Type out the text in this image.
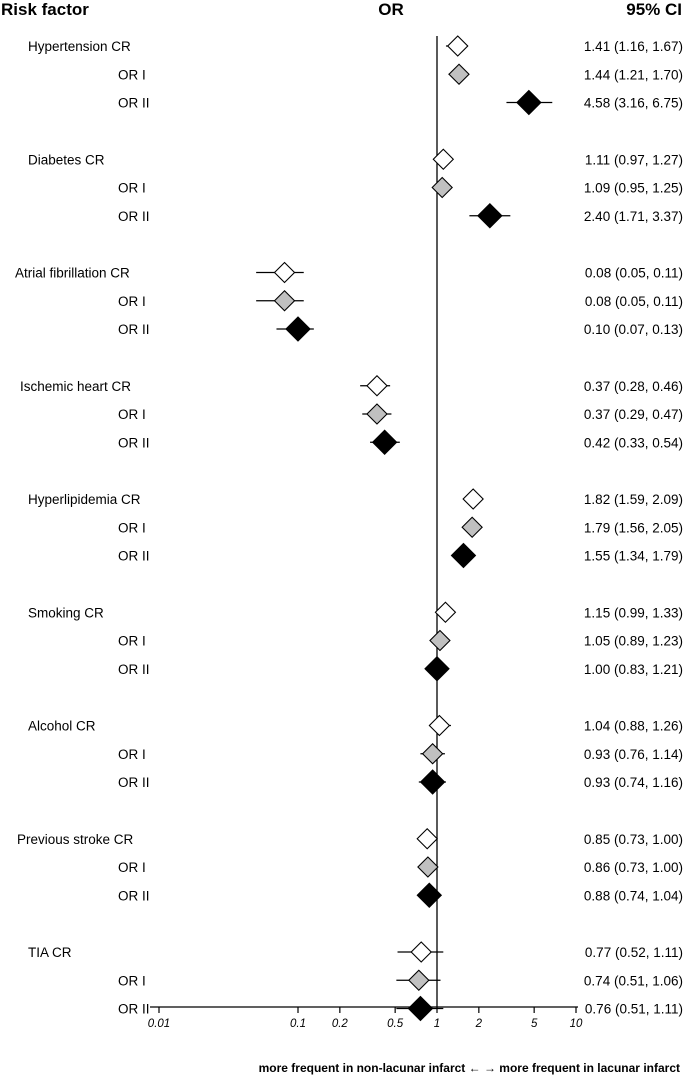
Risk factor	OR	95% CI
0.01	0.1 0.2	0.5	1	2	5	10
Hypertension CR	1.41 (1.16, 1.67)
OR I	1.44 (1.21, 1.70)
OR II	4.58 (3.16, 6.75)
Diabetes CR	1.11 (0.97, 1.27)
OR I	1.09 (0.95, 1.25)
OR II	2.40 (1.71, 3.37)
Atrial fibrillation CR	0.08 (0.05, 0.11)
OR I	0.08 (0.05, 0.11)
OR II	0.10 (0.07, 0.13)
Ischemic heart CR	0.37 (0.28, 0.46)
OR I	0.37 (0.29, 0.47)
OR II	0.42 (0.33, 0.54)
Hyperlipidemia CR	1.82 (1.59, 2.09)
OR I	1.79 (1.56, 2.05)
OR II	1.55 (1.34, 1.79)
Smoking CR	1.15 (0.99, 1.33)
OR I	1.05 (0.89, 1.23)
OR II	1.00 (0.83, 1.21)
Alcohol CR	1.04 (0.88, 1.26)
OR I	0.93 (0.76, 1.14)
OR II	0.93 (0.74, 1.16)
Previous stroke CR	0.85 (0.73, 1.00)
OR I	0.86 (0.73, 1.00)
OR II	0.88 (0.74, 1.04)
TIA CR	0.77 (0.52, 1.11)
OR I	0.74 (0.51, 1.06)
OR II	0.76 (0.51, 1.11)
more frequent in non-lacunar infarct ← → more frequent in lacunar infarct
